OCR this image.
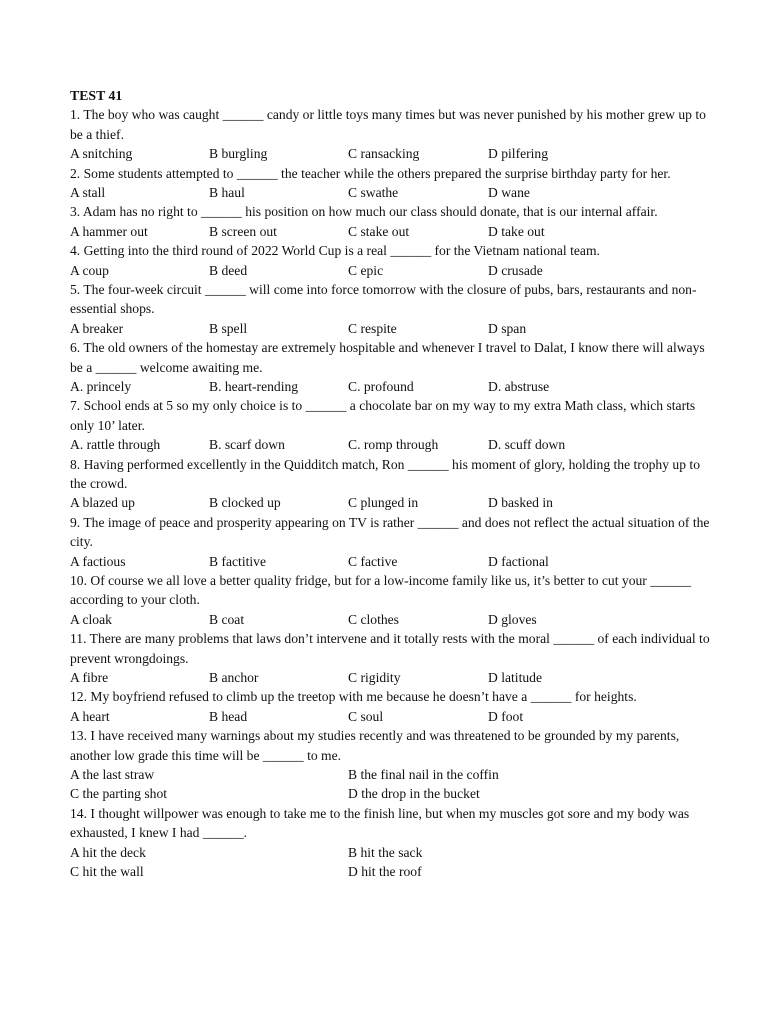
TEST 41
1. The boy who was caught ______ candy or little toys many times but was never punished by his mother grew up to be a thief.
A snitching	B burgling	C ransacking	D pilfering
2. Some students attempted to ______ the teacher while the others prepared the surprise birthday party for her.
A stall	B haul	C swathe	D wane
3. Adam has no right to ______ his position on how much our class should donate, that is our internal affair.
A hammer out	B screen out	C stake out	D take out
4. Getting into the third round of 2022 World Cup is a real ______ for the Vietnam national team.
A coup	B deed	C epic	D crusade
5. The four-week circuit ______ will come into force tomorrow with the closure of pubs, bars, restaurants and non-essential shops.
A breaker	B spell	C respite	D span
6. The old owners of the homestay are extremely hospitable and whenever I travel to Dalat, I know there will always be a ______ welcome awaiting me.
A. princely	B. heart-rending	C. profound	D. abstruse
7. School ends at 5 so my only choice is to ______ a chocolate bar on my way to my extra Math class, which starts only 10’ later.
A. rattle through	B. scarf down	C. romp through	D. scuff down
8. Having performed excellently in the Quidditch match, Ron ______ his moment of glory, holding the trophy up to the crowd.
A blazed up	B clocked up	C plunged in	D basked in
9. The image of peace and prosperity appearing on TV is rather ______ and does not reflect the actual situation of the city.
A factious	B factitive	C factive	D factional
10. Of course we all love a better quality fridge, but for a low-income family like us, it’s better to cut your ______ according to your cloth.
A cloak	B coat	C clothes	D gloves
11. There are many problems that laws don’t intervene and it totally rests with the moral ______ of each individual to prevent wrongdoings.
A fibre	B anchor	C rigidity	D latitude
12. My boyfriend refused to climb up the treetop with me because he doesn’t have a ______ for heights.
A heart	B head	C soul	D foot
13. I have received many warnings about my studies recently and was threatened to be grounded by my parents, another low grade this time will be ______ to me.
A the last straw	B the final nail in the coffin
C the parting shot	D the drop in the bucket
14. I thought willpower was enough to take me to the finish line, but when my muscles got sore and my body was exhausted, I knew I had ______.
A hit the deck	B hit the sack
C hit the wall	D hit the roof
